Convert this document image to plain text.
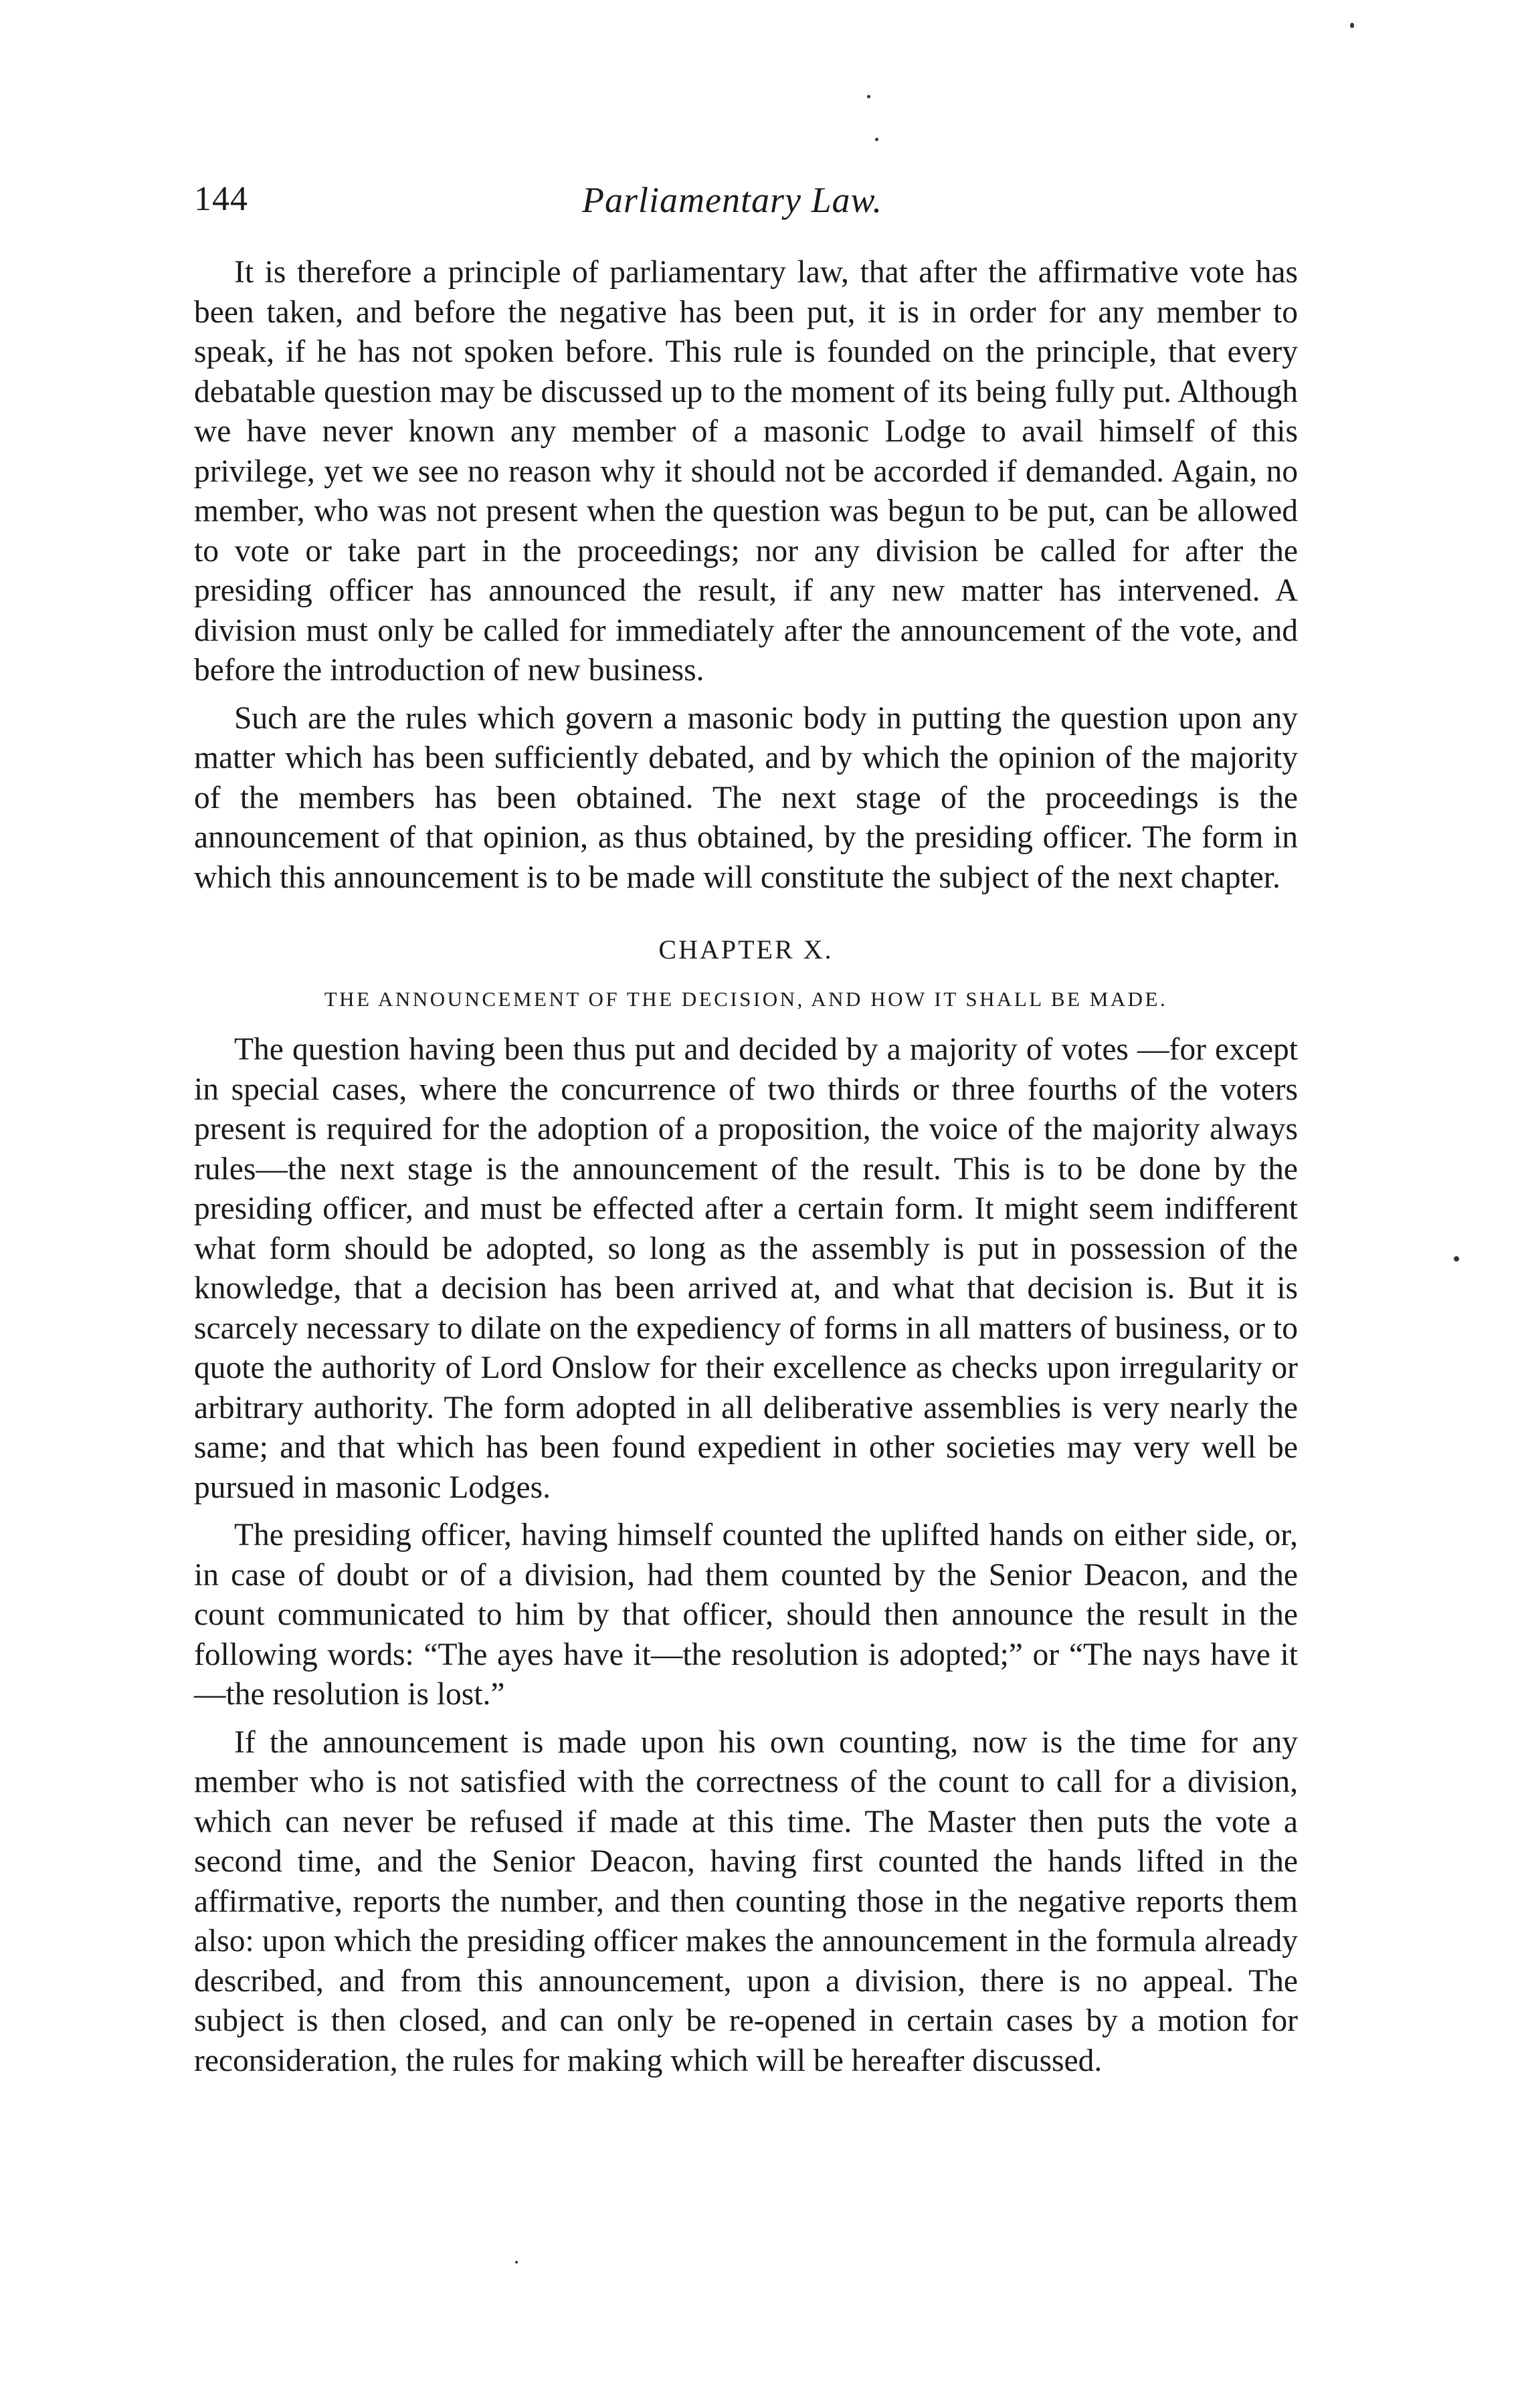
144	Parliamentary Law.

It is therefore a principle of parliamentary law, that after the affirmative vote has been taken, and before the negative has been put, it is in order for any member to speak, if he has not spoken before. This rule is founded on the principle, that every debatable question may be discussed up to the moment of its being fully put. Although we have never known any member of a masonic Lodge to avail himself of this privilege, yet we see no reason why it should not be accorded if demanded. Again, no member, who was not present when the question was begun to be put, can be allowed to vote or take part in the proceedings; nor any division be called for after the presiding officer has announced the result, if any new matter has intervened. A division must only be called for immediately after the announcement of the vote, and before the introduction of new business.

Such are the rules which govern a masonic body in putting the question upon any matter which has been sufficiently debated, and by which the opinion of the majority of the members has been obtained. The next stage of the proceedings is the announcement of that opinion, as thus obtained, by the presiding officer. The form in which this announcement is to be made will constitute the subject of the next chapter.

CHAPTER X.
THE ANNOUNCEMENT OF THE DECISION, AND HOW IT SHALL BE MADE.

The question having been thus put and decided by a majority of votes —for except in special cases, where the concurrence of two thirds or three fourths of the voters present is required for the adoption of a proposition, the voice of the majority always rules—the next stage is the announcement of the result. This is to be done by the presiding officer, and must be effected after a certain form. It might seem indifferent what form should be adopted, so long as the assembly is put in possession of the knowledge, that a decision has been arrived at, and what that decision is. But it is scarcely necessary to dilate on the expediency of forms in all matters of business, or to quote the authority of Lord Onslow for their excellence as checks upon irregularity or arbitrary authority. The form adopted in all deliberative assemblies is very nearly the same; and that which has been found expedient in other societies may very well be pursued in masonic Lodges.

The presiding officer, having himself counted the uplifted hands on either side, or, in case of doubt or of a division, had them counted by the Senior Deacon, and the count communicated to him by that officer, should then announce the result in the following words: “The ayes have it—the resolution is adopted;” or “The nays have it—the resolution is lost.”

If the announcement is made upon his own counting, now is the time for any member who is not satisfied with the correctness of the count to call for a division, which can never be refused if made at this time. The Master then puts the vote a second time, and the Senior Deacon, having first counted the hands lifted in the affirmative, reports the number, and then counting those in the negative reports them also: upon which the presiding officer makes the announcement in the formula already described, and from this announcement, upon a division, there is no appeal. The subject is then closed, and can only be re-opened in certain cases by a motion for reconsideration, the rules for making which will be hereafter discussed.
